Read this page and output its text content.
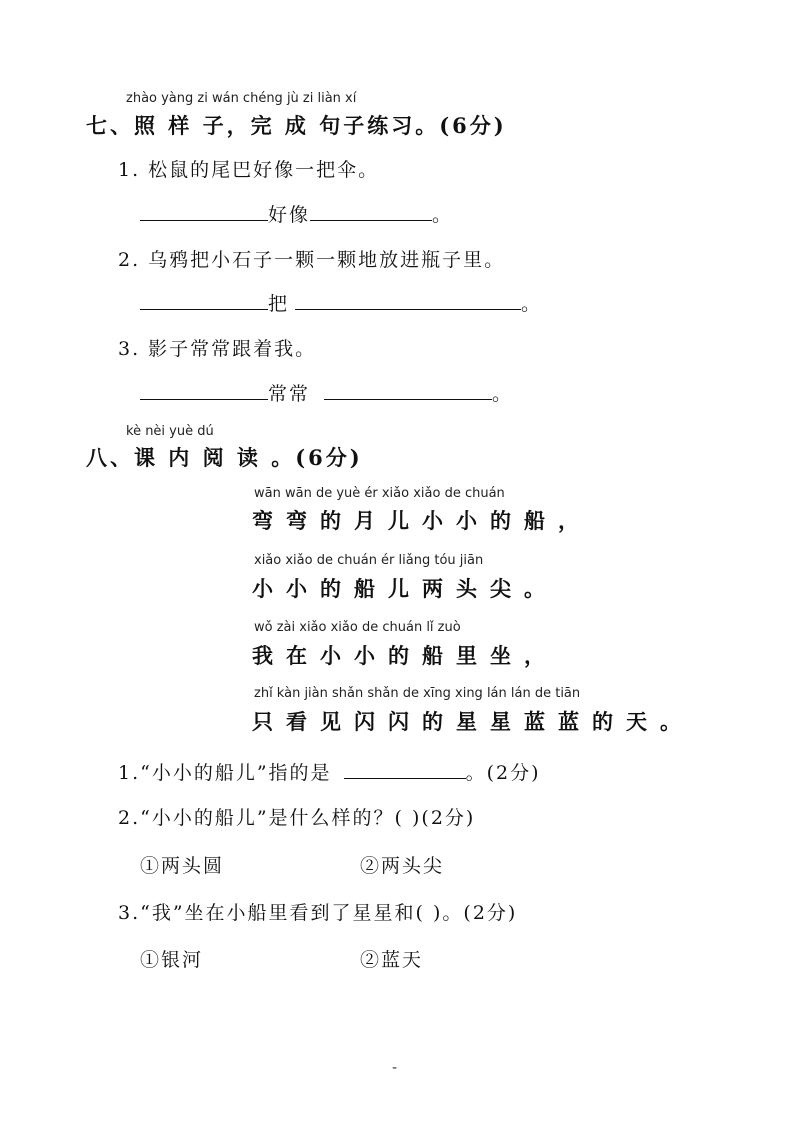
zhào yàng zi wán chéng jù zi liàn xí
七、照 样 子，完 成 句子练习。(6分)
1. 松鼠的尾巴好像一把伞。
好像	。
2. 乌鸦把小石子一颗一颗地放进瓶子里。
把	。
3. 影子常常跟着我。
常常	。
kè nèi yuè dú
八、课 内 阅 读 。(6分)
wān wān de yuè ér xiǎo xiǎo de chuán
弯弯的月儿小小的船，
xiǎo xiǎo de chuán ér liǎng tóu jiān
小小的船儿两头尖。
wǒ zài xiǎo xiǎo de chuán lǐ zuò
我在小小的船里坐，
zhǐ kàn jiàn shǎn shǎn de xīng xing lán lán de tiān
只看见闪闪的星星蓝蓝的天。
1.“小小的船儿”指的是	。(2分)
2.“小小的船儿”是什么样的？( )(2分)
①两头圆	②两头尖
3.“我”坐在小船里看到了星星和( )。(2分)
①银河	②蓝天
-
